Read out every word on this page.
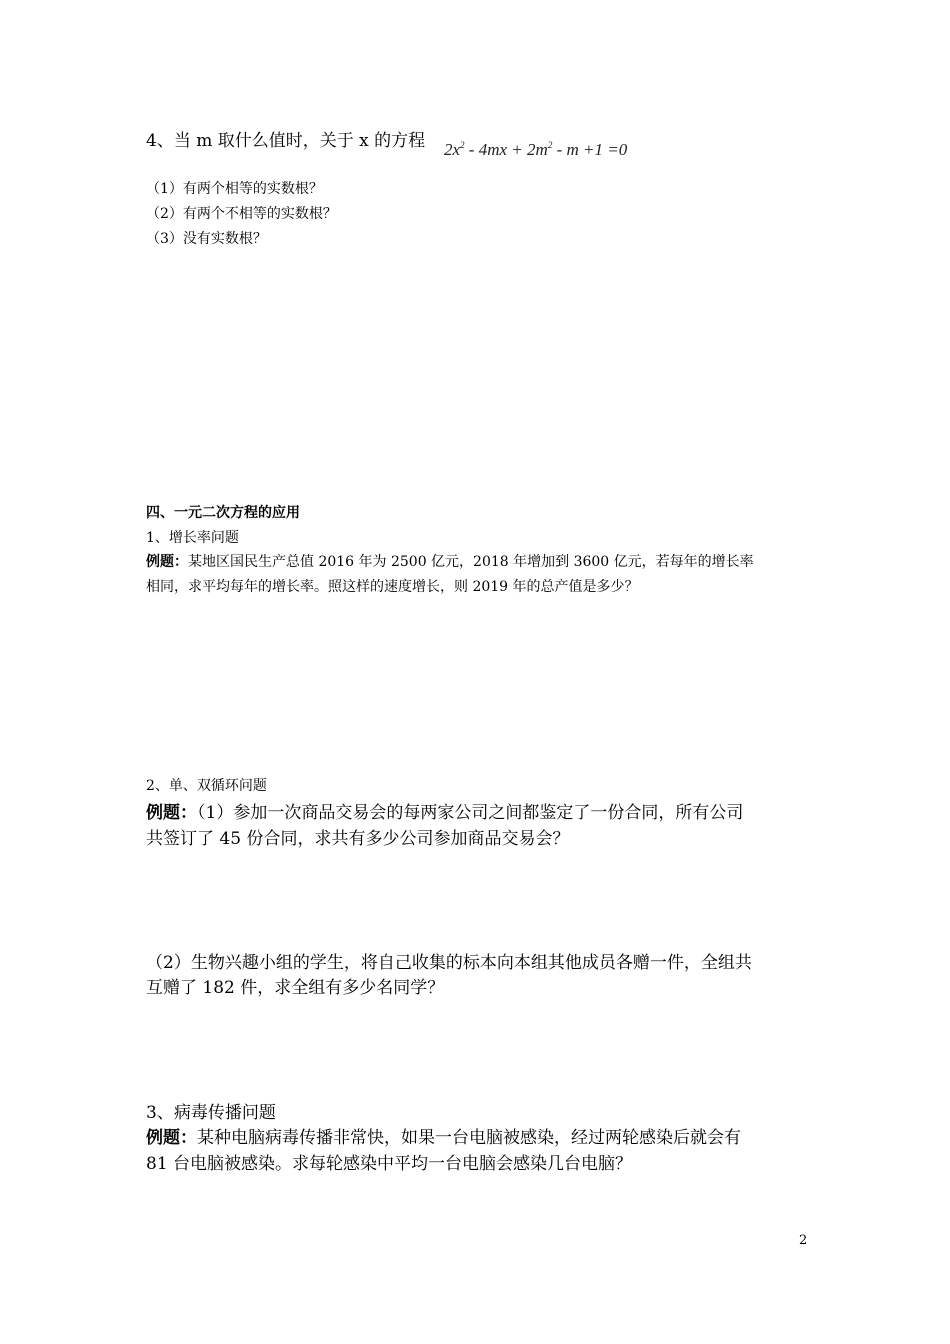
4、当 m 取什么值时，关于 x 的方程 $2x^2 - 4mx + 2m^2 - m +1 =0$
（1）有两个相等的实数根？
（2）有两个不相等的实数根？
（3）没有实数根？
四、一元二次方程的应用
1、增长率问题
例题：某地区国民生产总值 2016 年为 2500 亿元，2018 年增加到 3600 亿元，若每年的增长率
相同，求平均每年的增长率。照这样的速度增长，则 2019 年的总产值是多少？
2、单、双循环问题
例题：（1）参加一次商品交易会的每两家公司之间都鉴定了一份合同，所有公司
共签订了 45 份合同，求共有多少公司参加商品交易会？
（2）生物兴趣小组的学生，将自己收集的标本向本组其他成员各赠一件，全组共
互赠了 182 件，求全组有多少名同学？
3、病毒传播问题
例题：某种电脑病毒传播非常快，如果一台电脑被感染，经过两轮感染后就会有
81 台电脑被感染。求每轮感染中平均一台电脑会感染几台电脑？
2
